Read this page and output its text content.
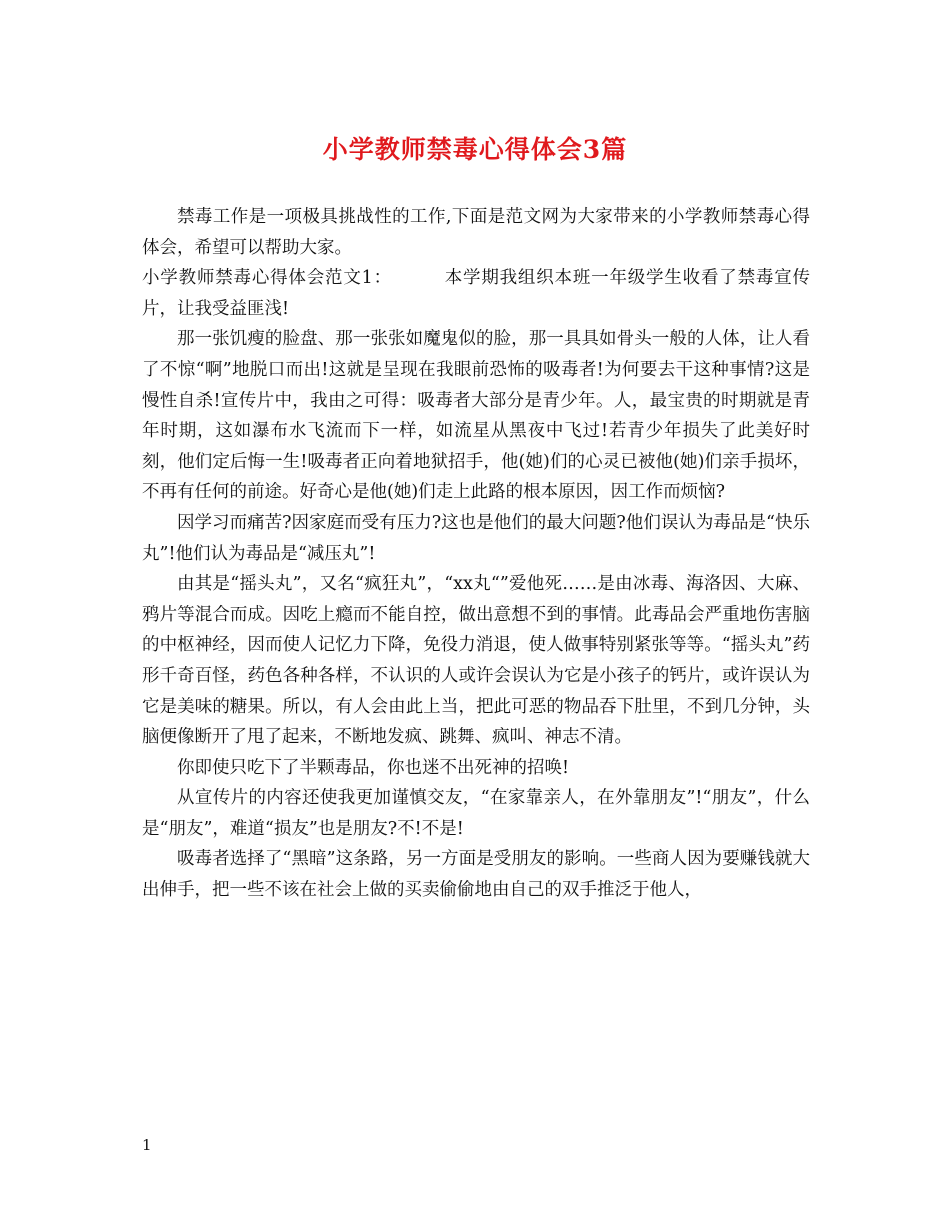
小学教师禁毒心得体会3篇

禁毒工作是一项极具挑战性的工作,下面是范文网为大家带来的小学教师禁毒心得体会，希望可以帮助大家。

小学教师禁毒心得体会范文1：	本学期我组织本班一年级学生收看了禁毒宣传片，让我受益匪浅!

那一张饥瘦的脸盘、那一张张如魔鬼似的脸，那一具具如骨头一般的人体，让人看了不惊“啊”地脱口而出!这就是呈现在我眼前恐怖的吸毒者!为何要去干这种事情?这是慢性自杀!宣传片中，我由之可得：吸毒者大部分是青少年。人，最宝贵的时期就是青年时期，这如瀑布水飞流而下一样，如流星从黑夜中飞过!若青少年损失了此美好时刻，他们定后悔一生!吸毒者正向着地狱招手，他(她)们的心灵已被他(她)们亲手损坏，不再有任何的前途。好奇心是他(她)们走上此路的根本原因，因工作而烦恼?

因学习而痛苦?因家庭而受有压力?这也是他们的最大问题?他们误认为毒品是“快乐丸”!他们认为毒品是“减压丸”!

由其是“摇头丸”，又名“疯狂丸”，“xx丸“”爱他死……是由冰毒、海洛因、大麻、鸦片等混合而成。因吃上瘾而不能自控，做出意想不到的事情。此毒品会严重地伤害脑的中枢神经，因而使人记忆力下降，免役力消退，使人做事特别紧张等等。“摇头丸”药形千奇百怪，药色各种各样，不认识的人或许会误认为它是小孩子的钙片，或许误认为它是美味的糖果。所以，有人会由此上当，把此可恶的物品吞下肚里，不到几分钟，头脑便像断开了甩了起来，不断地发疯、跳舞、疯叫、神志不清。

你即使只吃下了半颗毒品，你也迷不出死神的招唤!

从宣传片的内容还使我更加谨慎交友，“在家靠亲人，在外靠朋友”!“朋友”，什么是“朋友”，难道“损友”也是朋友?不!不是!

吸毒者选择了“黑暗”这条路，另一方面是受朋友的影响。一些商人因为要赚钱就大出伸手，把一些不该在社会上做的买卖偷偷地由自己的双手推泛于他人，

1
